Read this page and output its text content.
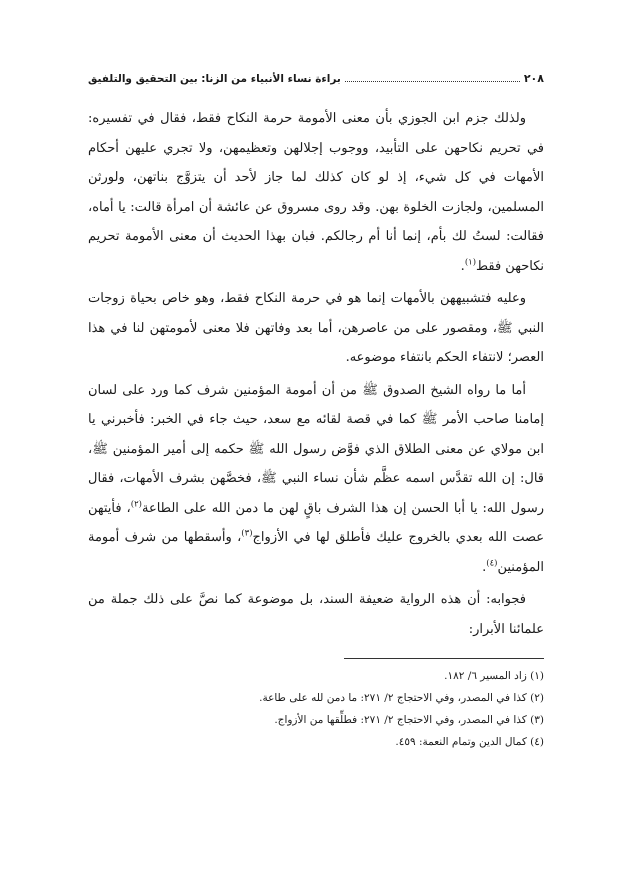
٢٠٨
براءة نساء الأنبياء من الزنا: بين التحقيق والتلفيق

ولذلك جزم ابن الجوزي بأن معنى الأمومة حرمة النكاح فقط، فقال في تفسيره: في تحريم نكاحهن على التأبيد، ووجوب إجلالهن وتعظيمهن، ولا تجري عليهن أحكام الأمهات في كل شيء، إذ لو كان كذلك لما جاز لأحد أن يتزوَّج بناتهن، ولورثن المسلمين، ولجازت الخلوة بهن. وقد روى مسروق عن عائشة أن امرأة قالت: يا أماه، فقالت: لستُ لك بأم، إنما أنا أم رجالكم. فبان بهذا الحديث أن معنى الأمومة تحريم نكاحهن فقط$^{(١)}$.

وعليه فتشبيههن بالأمهات إنما هو في حرمة النكاح فقط، وهو خاص بحياة زوجات النبي ﷺ، ومقصور على من عاصرهن، أما بعد وفاتهن فلا معنى لأمومتهن لنا في هذا العصر؛ لانتفاء الحكم بانتفاء موضوعه.

أما ما رواه الشيخ الصدوق ﷺ من أن أمومة المؤمنين شرف كما ورد على لسان إمامنا صاحب الأمر ﷺ كما في قصة لقائه مع سعد، حيث جاء في الخبر: فأخبرني يا ابن مولاي عن معنى الطلاق الذي فوَّض رسول الله ﷺ حكمه إلى أمير المؤمنين ﷺ، قال: إن الله تقدَّس اسمه عظَّم شأن نساء النبي ﷺ، فخصَّهن بشرف الأمهات، فقال رسول الله: يا أبا الحسن إن هذا الشرف باقٍ لهن ما دمن الله على الطاعة$^{(٢)}$، فأيتهن عصت الله بعدي بالخروج عليك فأطلق لها في الأزواج$^{(٣)}$، وأسقطها من شرف أمومة المؤمنين$^{(٤)}$.

فجوابه: أن هذه الرواية ضعيفة السند، بل موضوعة كما نصَّ على ذلك جملة من علمائنا الأبرار:

(١) زاد المسير ٦/ ١٨٢.

(٢) كذا في المصدر، وفي الاحتجاج ٢/ ٢٧١: ما دمن لله على طاعة.

(٣) كذا في المصدر، وفي الاحتجاج ٢/ ٢٧١: فطلِّقها من الأزواج.

(٤) كمال الدين وتمام النعمة: ٤٥٩.
